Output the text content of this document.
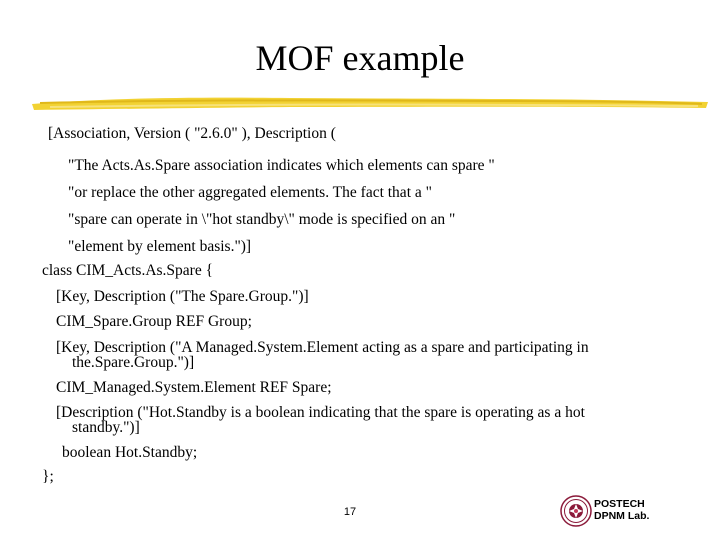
MOF example
[Association, Version ( "2.6.0" ), Description (
"The Acts.As.Spare association indicates which elements can spare "
"or replace the other aggregated elements. The fact that a "
"spare can operate in \"hot standby\" mode is specified on an "
"element by element basis.")]
class CIM_Acts.As.Spare {
[Key, Description ("The Spare.Group.")]
CIM_Spare.Group REF Group;
[Key, Description ("A Managed.System.Element acting as a spare and participating in
the.Spare.Group.")]
CIM_Managed.System.Element REF Spare;
[Description ("Hot.Standby is a boolean indicating that the spare is operating as a hot
standby.")]
boolean Hot.Standby;
};
17
POSTECH
DPNM Lab.
